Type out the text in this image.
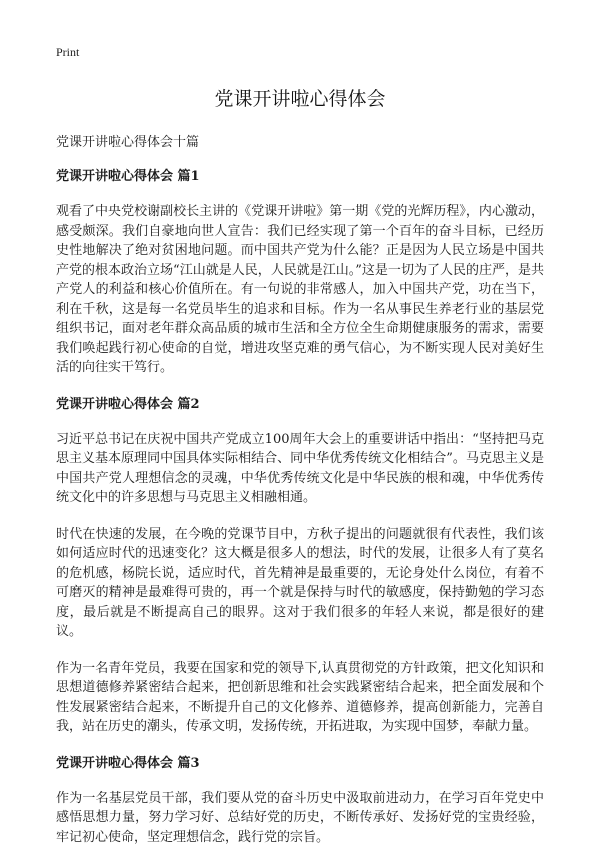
Print
党课开讲啦心得体会

党课开讲啦心得体会十篇

党课开讲啦心得体会 篇1

观看了中央党校谢副校长主讲的《党课开讲啦》第一期《党的光辉历程》，内心激动，感受颇深。我们自豪地向世人宣告：我们已经实现了第一个百年的奋斗目标，已经历史性地解决了绝对贫困地问题。而中国共产党为什么能？正是因为人民立场是中国共产党的根本政治立场“江山就是人民，人民就是江山。”这是一切为了人民的庄严，是共产党人的利益和核心价值所在。有一句说的非常感人，加入中国共产党，功在当下，利在千秋，这是每一名党员毕生的追求和目标。作为一名从事民生养老行业的基层党组织书记，面对老年群众高品质的城市生活和全方位全生命期健康服务的需求，需要我们唤起践行初心使命的自觉，增进攻坚克难的勇气信心，为不断实现人民对美好生活的向往实干笃行。

党课开讲啦心得体会 篇2

习近平总书记在庆祝中国共产党成立100周年大会上的重要讲话中指出：“坚持把马克思主义基本原理同中国具体实际相结合、同中华优秀传统文化相结合”。马克思主义是中国共产党人理想信念的灵魂，中华优秀传统文化是中华民族的根和魂，中华优秀传统文化中的许多思想与马克思主义相融相通。

时代在快速的发展，在今晚的党课节目中，方秋子提出的问题就很有代表性，我们该如何适应时代的迅速变化？这大概是很多人的想法，时代的发展，让很多人有了莫名的危机感，杨院长说，适应时代，首先精神是最重要的，无论身处什么岗位，有着不可磨灭的精神是最难得可贵的，再一个就是保持与时代的敏感度，保持勤勉的学习态度，最后就是不断提高自己的眼界。这对于我们很多的年轻人来说，都是很好的建议。

作为一名青年党员，我要在国家和党的领导下,认真贯彻党的方针政策，把文化知识和思想道德修养紧密结合起来，把创新思维和社会实践紧密结合起来，把全面发展和个性发展紧密结合起来，不断提升自己的文化修养、道德修养，提高创新能力，完善自我，站在历史的潮头，传承文明，发扬传统，开拓进取，为实现中国梦，奉献力量。

党课开讲啦心得体会 篇3

作为一名基层党员干部，我们要从党的奋斗历史中汲取前进动力，在学习百年党史中感悟思想力量，努力学习好、总结好党的历史，不断传承好、发扬好党的宝贵经验，牢记初心使命，坚定理想信念，践行党的宗旨。
